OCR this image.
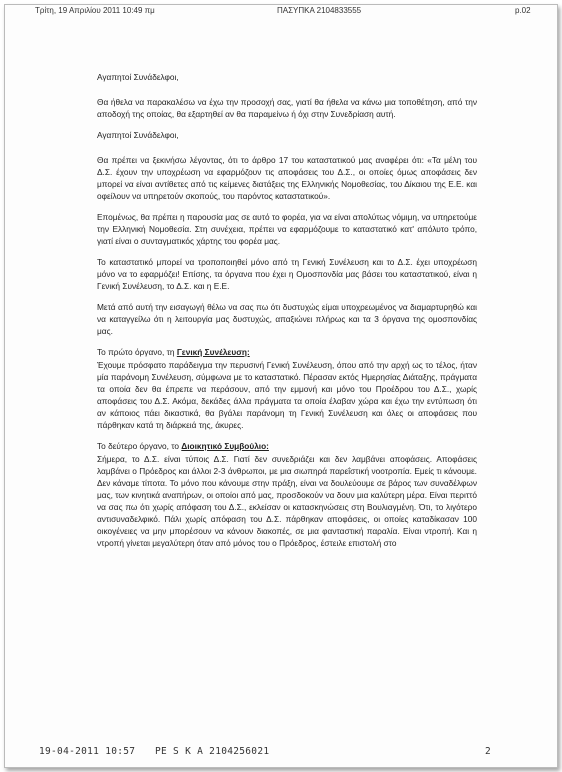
Τρίτη, 19 Απριλίου 2011 10:49 πμ	ΠΑΣΥΠΚΑ 2104833555	p.02

Αγαπητοί Συνάδελφοι,

Θα ήθελα να παρακαλέσω να έχω την προσοχή σας, γιατί θα ήθελα να κάνω μια τοποθέτηση, από την αποδοχή της οποίας, θα εξαρτηθεί αν θα παραμείνω ή όχι στην Συνεδρίαση αυτή.

Αγαπητοί Συνάδελφοι,

Θα πρέπει να ξεκινήσω λέγοντας, ότι το άρθρο 17 του καταστατικού μας αναφέρει ότι: «Τα μέλη του Δ.Σ. έχουν την υποχρέωση να εφαρμόζουν τις αποφάσεις του Δ.Σ., οι οποίες όμως αποφάσεις δεν μπορεί να είναι αντίθετες από τις κείμενες διατάξεις της Ελληνικής Νομοθεσίας, του Δίκαιου της Ε.Ε. και οφείλουν να υπηρετούν σκοπούς, του παρόντος καταστατικού».

Επομένως, θα πρέπει η παρουσία μας σε αυτό το φορέα, για να είναι απολύτως νόμιμη, να υπηρετούμε την Ελληνική Νομοθεσία. Στη συνέχεια, πρέπει να εφαρμόζουμε το καταστατικό κατ' απόλυτο τρόπο, γιατί είναι ο συνταγματικός χάρτης του φορέα μας.

Το καταστατικό μπορεί να τροποποιηθεί μόνο από τη Γενική Συνέλευση και το Δ.Σ. έχει υποχρέωση μόνο να το εφαρμόζει! Επίσης, τα όργανα που έχει η Ομοσπονδία μας βάσει του καταστατικού, είναι η Γενική Συνέλευση, το Δ.Σ. και η Ε.Ε.

Μετά από αυτή την εισαγωγή θέλω να σας πω ότι δυστυχώς είμαι υποχρεωμένος να διαμαρτυρηθώ και να καταγγείλω ότι η λειτουργία μας δυστυχώς, απαξιώνει πλήρως και τα 3 όργανα της ομοσπονδίας μας.

Το πρώτο όργανο, τη Γενική Συνέλευση:

Έχουμε πρόσφατο παράδειγμα την περυσινή Γενική Συνέλευση, όπου από την αρχή ως το τέλος, ήταν μία παράνομη Συνέλευση, σύμφωνα με το καταστατικό. Πέρασαν εκτός Ημερησίας Διάταξης, πράγματα τα οποία δεν θα έπρεπε να περάσουν, από την εμμονή και μόνο του Προέδρου του Δ.Σ., χωρίς αποφάσεις του Δ.Σ. Ακόμα, δεκάδες άλλα πράγματα τα οποία έλαβαν χώρα και έχω την εντύπωση ότι αν κάποιος πάει δικαστικά, θα βγάλει παράνομη τη Γενική Συνέλευση και όλες οι αποφάσεις που πάρθηκαν κατά τη διάρκειά της, άκυρες.

Το δεύτερο όργανο, το Διοικητικό Συμβούλιο:

Σήμερα, το Δ.Σ. είναι τύποις Δ.Σ. Γιατί δεν συνεδριάζει και δεν λαμβάνει αποφάσεις. Αποφάσεις λαμβάνει ο Πρόεδρος και άλλοι 2-3 άνθρωποι, με μια σιωπηρά παρεΐστική νοοτροπία. Εμείς τι κάνουμε. Δεν κάναμε τίποτα. Το μόνο που κάνουμε στην πράξη, είναι να δουλεύουμε σε βάρος των συναδέλφων μας, των κινητικά αναπήρων, οι οποίοι από μας, προσδοκούν να δουν μια καλύτερη μέρα. Είναι περιττό να σας πω ότι χωρίς απόφαση του Δ.Σ., εκλείσαν οι κατασκηνώσεις στη Βουλιαγμένη. Ότι, το λιγότερο αντισυναδελφικό. Πάλι χωρίς απόφαση του Δ.Σ. πάρθηκαν αποφάσεις, οι οποίες καταδίκασαν 100 οικογένειες να μην μπορέσουν να κάνουν διακοπές, σε μια φανταστική παραλία. Είναι ντροπή. Και η ντροπή γίνεται μεγαλύτερη όταν από μόνος του ο Πρόεδρος, έστειλε επιστολή στο

19-04-2011 10:57 PE S K A 2104256021	2
